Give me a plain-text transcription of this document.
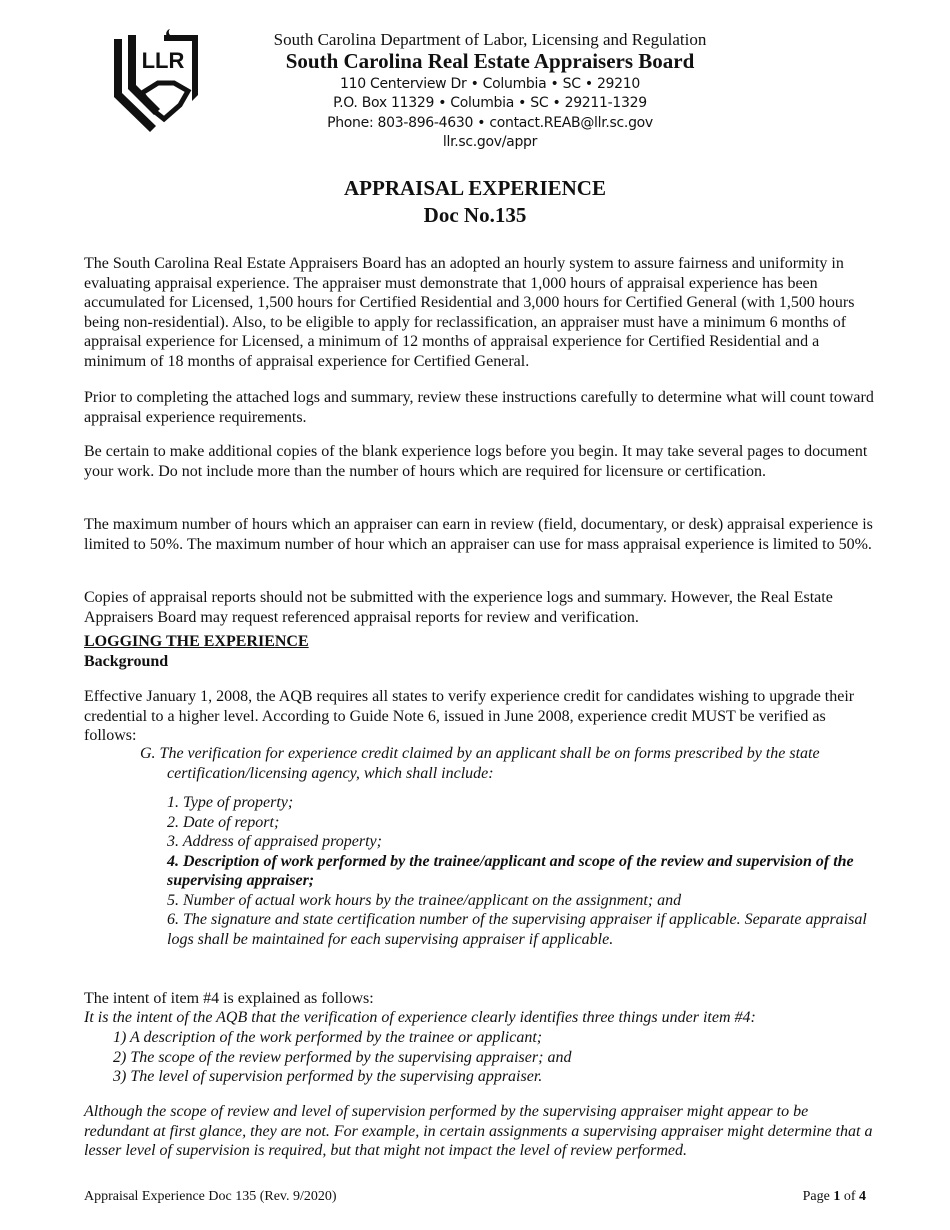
LLR
South Carolina Department of Labor, Licensing and Regulation
South Carolina Real Estate Appraisers Board
110 Centerview Dr • Columbia • SC • 29210
P.O. Box 11329 • Columbia • SC • 29211-1329
Phone: 803-896-4630 • contact.REAB@llr.sc.gov
llr.sc.gov/appr
APPRAISAL EXPERIENCE
Doc No.135

The South Carolina Real Estate Appraisers Board has an adopted an hourly system to assure fairness and uniformity in evaluating appraisal experience. The appraiser must demonstrate that 1,000 hours of appraisal experience has been accumulated for Licensed, 1,500 hours for Certified Residential and 3,000 hours for Certified General (with 1,500 hours being non-residential). Also, to be eligible to apply for reclassification, an appraiser must have a minimum 6 months of appraisal experience for Licensed, a minimum of 12 months of appraisal experience for Certified Residential and a minimum of 18 months of appraisal experience for Certified General.

Prior to completing the attached logs and summary, review these instructions carefully to determine what will count toward appraisal experience requirements.

Be certain to make additional copies of the blank experience logs before you begin. It may take several pages to document your work. Do not include more than the number of hours which are required for licensure or certification.

The maximum number of hours which an appraiser can earn in review (field, documentary, or desk) appraisal experience is limited to 50%. The maximum number of hour which an appraiser can use for mass appraisal experience is limited to 50%.

Copies of appraisal reports should not be submitted with the experience logs and summary. However, the Real Estate Appraisers Board may request referenced appraisal reports for review and verification.

LOGGING THE EXPERIENCE
Background

Effective January 1, 2008, the AQB requires all states to verify experience credit for candidates wishing to upgrade their credential to a higher level. According to Guide Note 6, issued in June 2008, experience credit MUST be verified as follows:

G. The verification for experience credit claimed by an applicant shall be on forms prescribed by the state certification/licensing agency, which shall include:
1. Type of property;
2. Date of report;
3. Address of appraised property;
4. Description of work performed by the trainee/applicant and scope of the review and supervision of the supervising appraiser;
5. Number of actual work hours by the trainee/applicant on the assignment; and
6. The signature and state certification number of the supervising appraiser if applicable. Separate appraisal logs shall be maintained for each supervising appraiser if applicable.
The intent of item #4 is explained as follows:
It is the intent of the AQB that the verification of experience clearly identifies three things under item #4:
1) A description of the work performed by the trainee or applicant;
2) The scope of the review performed by the supervising appraiser; and
3) The level of supervision performed by the supervising appraiser.

Although the scope of review and level of supervision performed by the supervising appraiser might appear to be redundant at first glance, they are not. For example, in certain assignments a supervising appraiser might determine that a lesser level of supervision is required, but that might not impact the level of review performed.

Appraisal Experience Doc 135 (Rev. 9/2020)	Page 1 of 4
